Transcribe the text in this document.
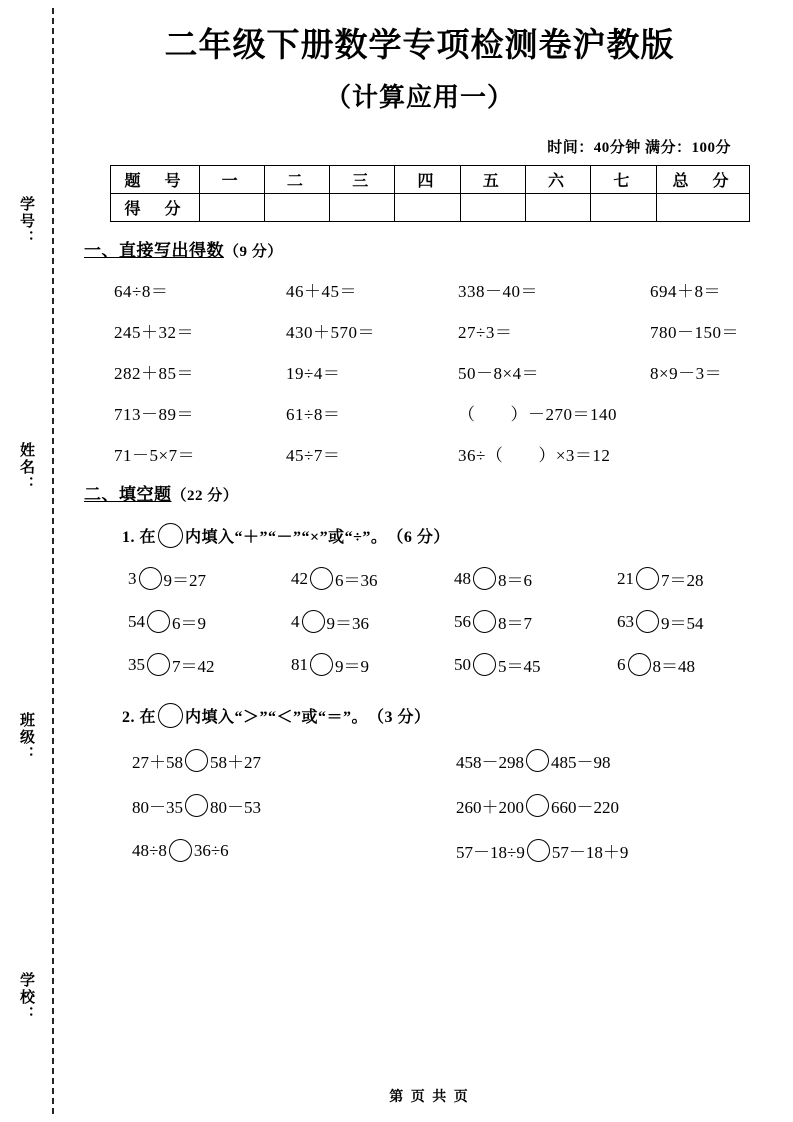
学号：
姓名：
班级：
学校：
二年级下册数学专项检测卷沪教版
（计算应用一）
时间：40分钟 满分：100分
题　号	一	二	三	四	五	六	七	总　分
得　分								
一、直接写出得数（9 分）
64÷8＝	46＋45＝	338－40＝	694＋8＝
245＋32＝	430＋570＝	27÷3＝	780－150＝
282＋85＝	19÷4＝	50－8×4＝	8×9－3＝
713－89＝	61÷8＝	（　　）－270＝140
71－5×7＝	45÷7＝	36÷（　　）×3＝12
二、填空题（22 分）
1. 在 内填入“＋”“－”“×”或“÷”。 （6 分）
3 9＝27	42 6＝36	48 8＝6	21 7＝28
54 6＝9	4 9＝36	56 8＝7	63 9＝54
35 7＝42	81 9＝9	50 5＝45	6 8＝48
2. 在 内填入“＞”“＜”或“＝”。 （3 分）
27＋58 58＋27	458－298 485－98
80－35 80－53	260＋200 660－220
48÷8 36÷6	57－18÷9 57－18＋9
第 页 共 页
